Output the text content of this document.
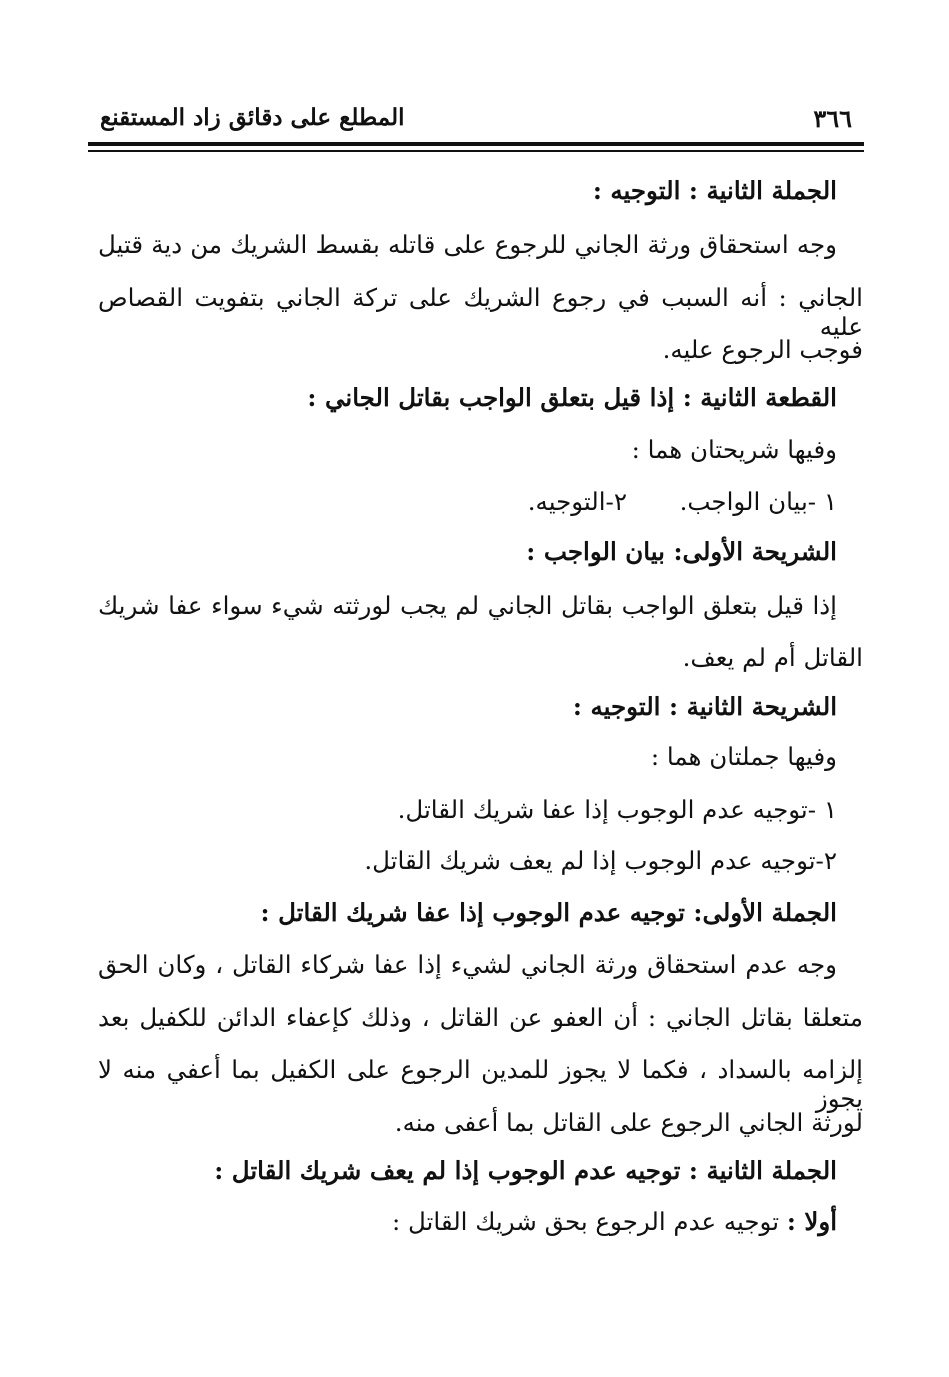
٣٦٦
المطلع على دقائق زاد المستقنع
الجملة الثانية : التوجيه :
وجه استحقاق ورثة الجاني للرجوع على قاتله بقسط الشريك من دية قتيل
الجاني : أنه السبب في رجوع الشريك على تركة الجاني بتفويت القصاص عليه
فوجب الرجوع عليه.
القطعة الثانية : إذا قيل بتعلق الواجب بقاتل الجاني :
وفيها شريحتان هما :
١ -بيان الواجب.
٢-التوجيه.
الشريحة الأولى: بيان الواجب :
إذا قيل بتعلق الواجب بقاتل الجاني لم يجب لورثته شيء سواء عفا شريك
القاتل أم لم يعف.
الشريحة الثانية : التوجيه :
وفيها جملتان هما :
١ -توجيه عدم الوجوب إذا عفا شريك القاتل.
٢-توجيه عدم الوجوب إذا لم يعف شريك القاتل.
الجملة الأولى: توجيه عدم الوجوب إذا عفا شريك القاتل :
وجه عدم استحقاق ورثة الجاني لشيء إذا عفا شركاء القاتل ، وكان الحق
متعلقا بقاتل الجاني : أن العفو عن القاتل ، وذلك كإعفاء الدائن للكفيل بعد
إلزامه بالسداد ، فكما لا يجوز للمدين الرجوع على الكفيل بما أعفي منه لا يجوز
لورثة الجاني الرجوع على القاتل بما أعفى منه.
الجملة الثانية : توجيه عدم الوجوب إذا لم يعف شريك القاتل :
أولا : توجيه عدم الرجوع بحق شريك القاتل :
